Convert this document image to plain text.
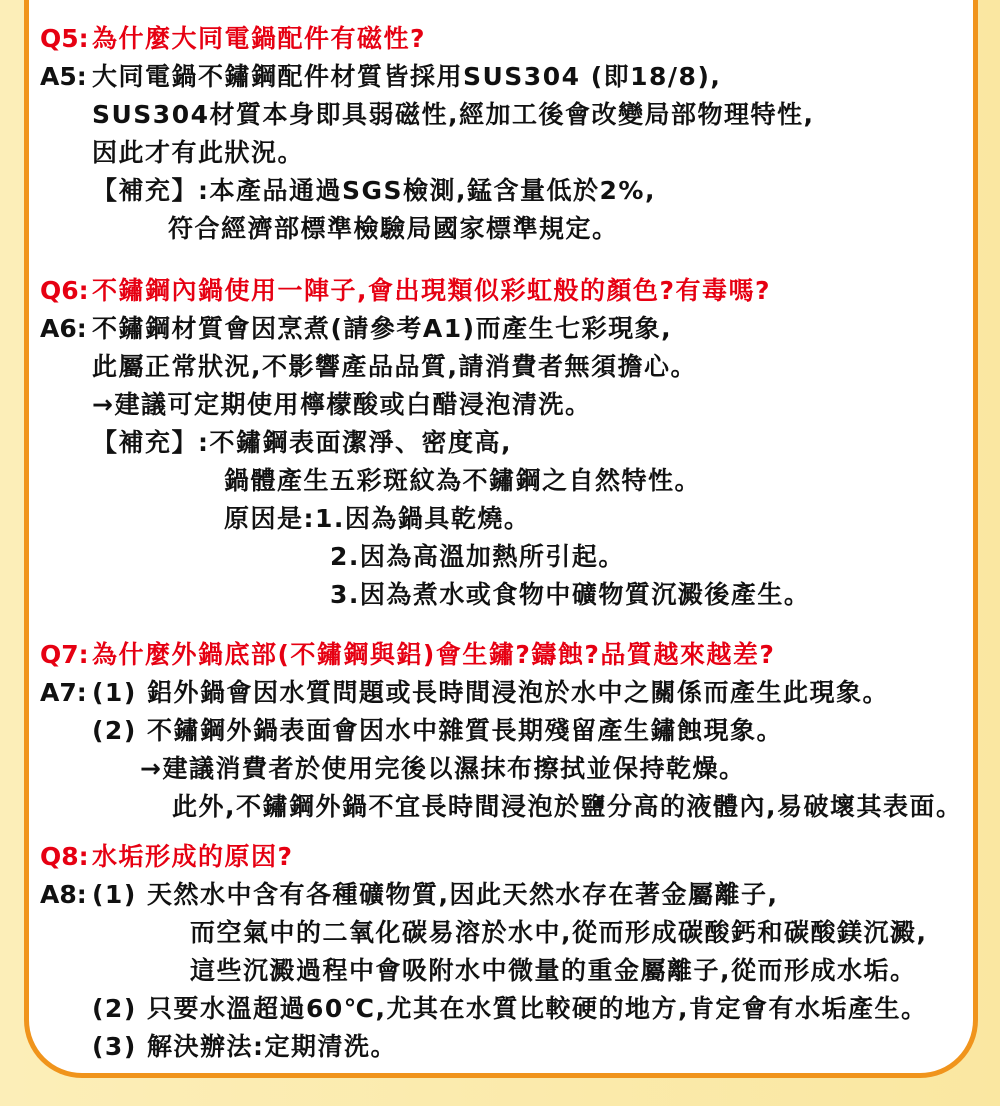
Q5: 為什麼大同電鍋配件有磁性?
A5: 大同電鍋不鏽鋼配件材質皆採用SUS304 (即18/8),
SUS304材質本身即具弱磁性,經加工後會改變局部物理特性,
因此才有此狀況。
【補充】:本產品通過SGS檢測,錳含量低於2%,
符合經濟部標準檢驗局國家標準規定。
Q6: 不鏽鋼內鍋使用一陣子,會出現類似彩虹般的顏色?有毒嗎?
A6: 不鏽鋼材質會因烹煮(請參考A1)而產生七彩現象,
此屬正常狀況,不影響產品品質,請消費者無須擔心。
→建議可定期使用檸檬酸或白醋浸泡清洗。
【補充】:不鏽鋼表面潔淨、密度高,
鍋體產生五彩斑紋為不鏽鋼之自然特性。
原因是:1.因為鍋具乾燒。
2.因為高溫加熱所引起。
3.因為煮水或食物中礦物質沉澱後產生。
Q7: 為什麼外鍋底部(不鏽鋼與鋁)會生鏽?鑄蝕?品質越來越差?
A7: (1) 鋁外鍋會因水質問題或長時間浸泡於水中之關係而產生此現象。
(2) 不鏽鋼外鍋表面會因水中雜質長期殘留產生鏽蝕現象。
→建議消費者於使用完後以濕抹布擦拭並保持乾燥。
此外,不鏽鋼外鍋不宜長時間浸泡於鹽分高的液體內,易破壞其表面。
Q8: 水垢形成的原因?
A8: (1) 天然水中含有各種礦物質,因此天然水存在著金屬離子,
而空氣中的二氧化碳易溶於水中,從而形成碳酸鈣和碳酸鎂沉澱,
這些沉澱過程中會吸附水中微量的重金屬離子,從而形成水垢。
(2) 只要水溫超過60℃,尤其在水質比較硬的地方,肯定會有水垢產生。
(3) 解決辦法:定期清洗。
